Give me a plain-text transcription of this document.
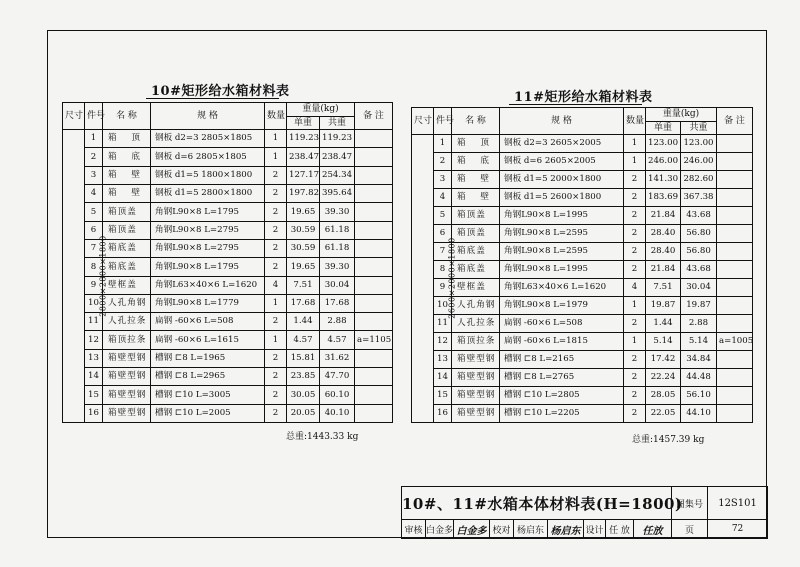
10#矩形给水箱材料表	11#矩形给水箱材料表
尺寸	件号	名 称	规 格	数量	重量(kg)		备 注
					单重	共重	
2800×2800×1800	1	箱 顶	钢板 d2=3 2805×1805	1	119.23	119.23	
	2	箱 底	钢板 d=6 2805×1805	1	238.47	238.47	
	3	箱 壁	钢板 d1=5 1800×1800	2	127.17	254.34	
	4	箱 壁	钢板 d1=5 2800×1800	2	197.82	395.64	
	5	箱顶盖	角钢L90×8 L=1795	2	19.65	39.30	
	6	箱顶盖	角钢L90×8 L=2795	2	30.59	61.18	
	7	箱底盖	角钢L90×8 L=2795	2	30.59	61.18	
	8	箱底盖	角钢L90×8 L=1795	2	19.65	39.30	
	9	壁框盖	角钢L63×40×6 L=1620	4	7.51	30.04	
	10	人孔角钢	角钢L90×8 L=1779	1	17.68	17.68	
	11	人孔拉条	扁钢 -60×6 L=508	2	1.44	2.88	
	12	箱顶拉条	扁钢 -60×6 L=1615	1	4.57	4.57	a=1105
	13	箱壁型钢	槽钢 ⊏8 L=1965	2	15.81	31.62	
	14	箱壁型钢	槽钢 ⊏8 L=2965	2	23.85	47.70	
	15	箱壁型钢	槽钢 ⊏10 L=3005	2	30.05	60.10	
	16	箱壁型钢	槽钢 ⊏10 L=2005	2	20.05	40.10	
总重:1443.33 kg
尺寸	件号	名 称	规 格	数量	重量(kg)		备 注
					单重	共重	
2600×2000×1800	1	箱 顶	钢板 d2=3 2605×2005	1	123.00	123.00	
	2	箱 底	钢板 d=6 2605×2005	1	246.00	246.00	
	3	箱 壁	钢板 d1=5 2000×1800	2	141.30	282.60	
	4	箱 壁	钢板 d1=5 2600×1800	2	183.69	367.38	
	5	箱顶盖	角钢L90×8 L=1995	2	21.84	43.68	
	6	箱顶盖	角钢L90×8 L=2595	2	28.40	56.80	
	7	箱底盖	角钢L90×8 L=2595	2	28.40	56.80	
	8	箱底盖	角钢L90×8 L=1995	2	21.84	43.68	
	9	壁框盖	角钢L63×40×6 L=1620	4	7.51	30.04	
	10	人孔角钢	角钢L90×8 L=1979	1	19.87	19.87	
	11	人孔拉条	扁钢 -60×6 L=508	2	1.44	2.88	
	12	箱顶拉条	扁钢 -60×6 L=1815	1	5.14	5.14	a=1005
	13	箱壁型钢	槽钢 ⊏8 L=2165	2	17.42	34.84	
	14	箱壁型钢	槽钢 ⊏8 L=2765	2	22.24	44.48	
	15	箱壁型钢	槽钢 ⊏10 L=2805	2	28.05	56.10	
	16	箱壁型钢	槽钢 ⊏10 L=2205	2	22.05	44.10	
总重:1457.39 kg
10#、11#水箱本体材料表(H=1800)									图集号	12S101
审核	白金多	白金多	校对	杨启东	杨启东	设计	任 放	任放	页	72
